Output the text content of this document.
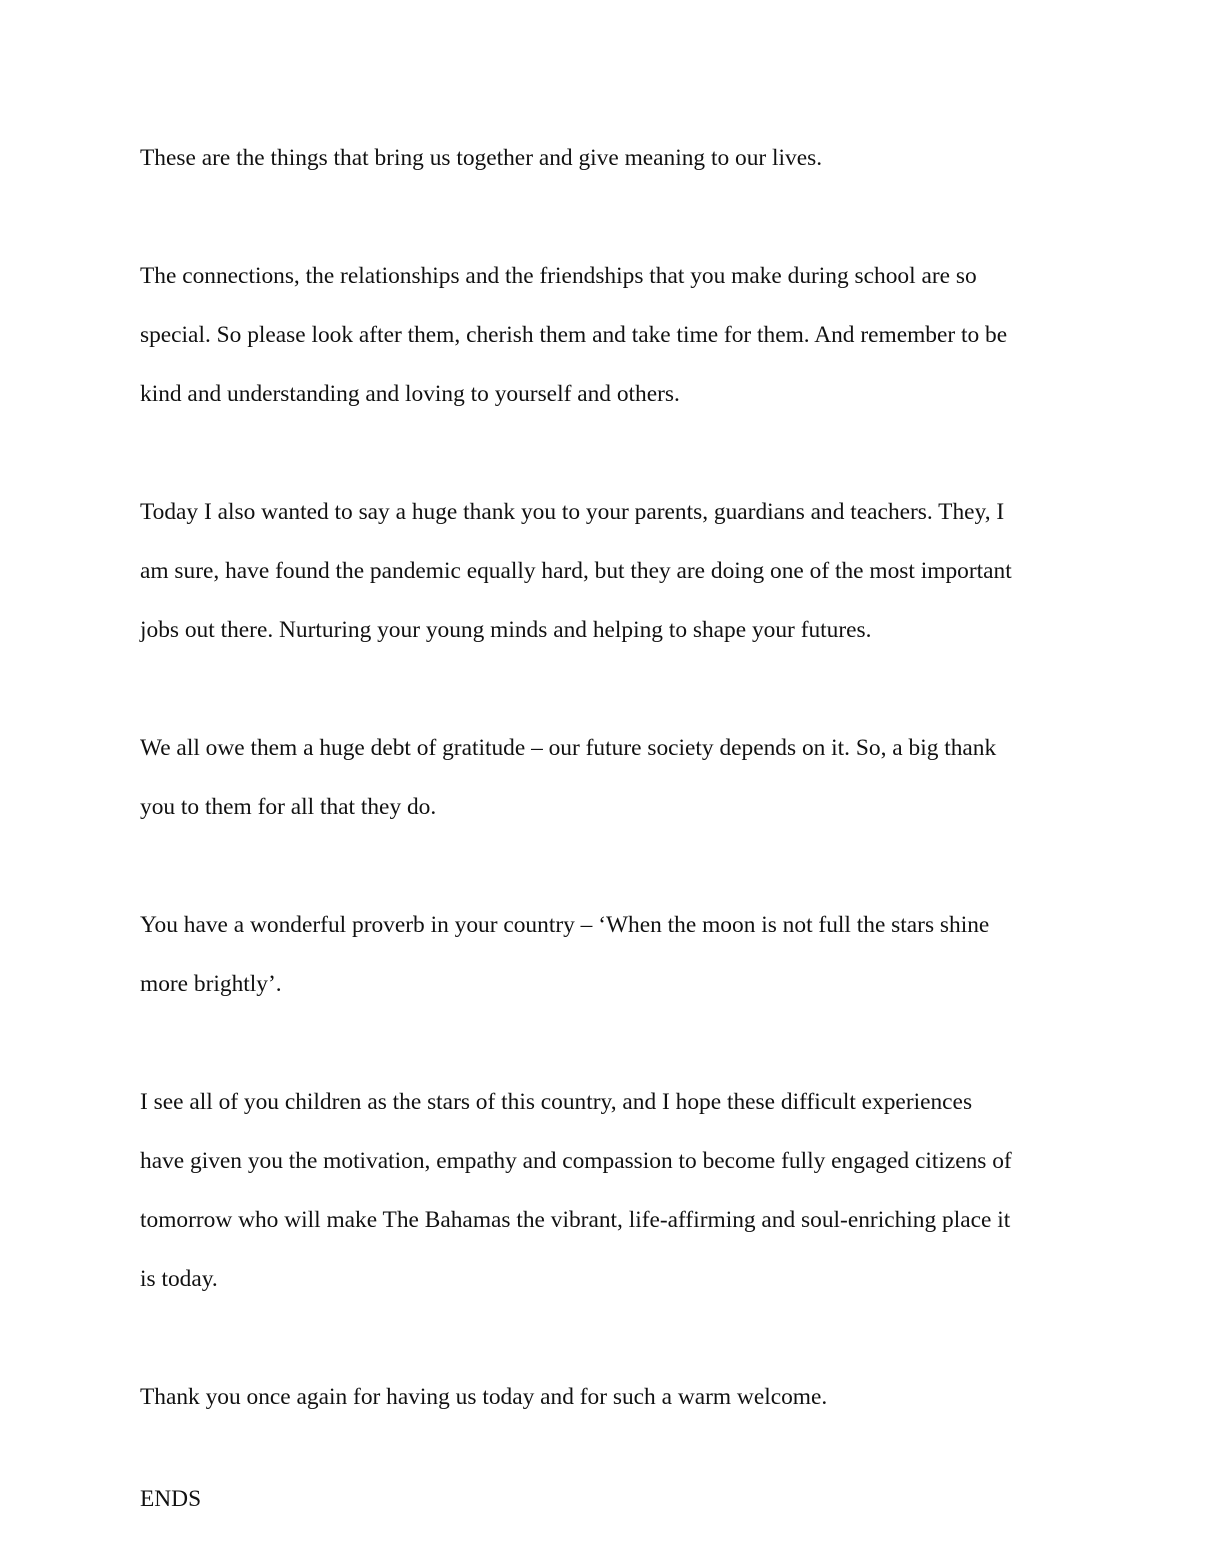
These are the things that bring us together and give meaning to our lives.

The connections, the relationships and the friendships that you make during school are so

special. So please look after them, cherish them and take time for them. And remember to be

kind and understanding and loving to yourself and others.

Today I also wanted to say a huge thank you to your parents, guardians and teachers. They, I

am sure, have found the pandemic equally hard, but they are doing one of the most important

jobs out there. Nurturing your young minds and helping to shape your futures.

We all owe them a huge debt of gratitude – our future society depends on it. So, a big thank

you to them for all that they do.

You have a wonderful proverb in your country – ‘When the moon is not full the stars shine

more brightly’.

I see all of you children as the stars of this country, and I hope these difficult experiences

have given you the motivation, empathy and compassion to become fully engaged citizens of

tomorrow who will make The Bahamas the vibrant, life-affirming and soul-enriching place it

is today.

Thank you once again for having us today and for such a warm welcome.

ENDS
